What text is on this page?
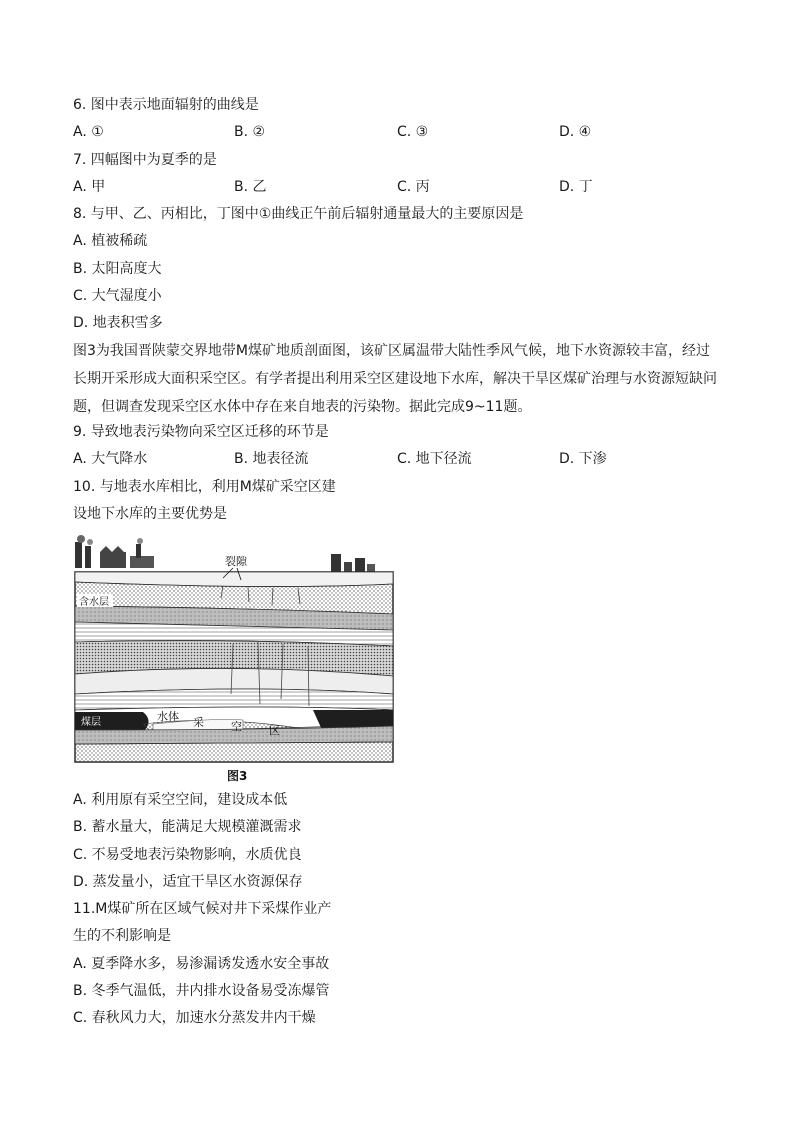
6. 图中表示地面辐射的曲线是
A. ①	B. ②	C. ③	D. ④
7. 四幅图中为夏季的是
A. 甲	B. 乙	C. 丙	D. 丁
8. 与甲、乙、丙相比，丁图中①曲线正午前后辐射通量最大的主要原因是
A. 植被稀疏
B. 太阳高度大
C. 大气湿度小
D. 地表积雪多
图3为我国晋陕蒙交界地带M煤矿地质剖面图，该矿区属温带大陆性季风气候，地下水资源较丰富，经过
长期开采形成大面积采空区。有学者提出利用采空区建设地下水库，解决干旱区煤矿治理与水资源短缺问
题，但调查发现采空区水体中存在来自地表的污染物。据此完成9~11题。
9. 导致地表污染物向采空区迁移的环节是
A. 大气降水	B. 地表径流	C. 地下径流	D. 下渗
10. 与地表水库相比，利用M煤矿采空区建
设地下水库的主要优势是
裂隙
含水层
煤层	水体 采 空 区
图3
A. 利用原有采空空间，建设成本低
B. 蓄水量大，能满足大规模灌溉需求
C. 不易受地表污染物影响，水质优良
D. 蒸发量小，适宜干旱区水资源保存
11.M煤矿所在区域气候对井下采煤作业产
生的不利影响是
A. 夏季降水多，易渗漏诱发透水安全事故
B. 冬季气温低，井内排水设备易受冻爆管
C. 春秋风力大，加速水分蒸发井内干燥
